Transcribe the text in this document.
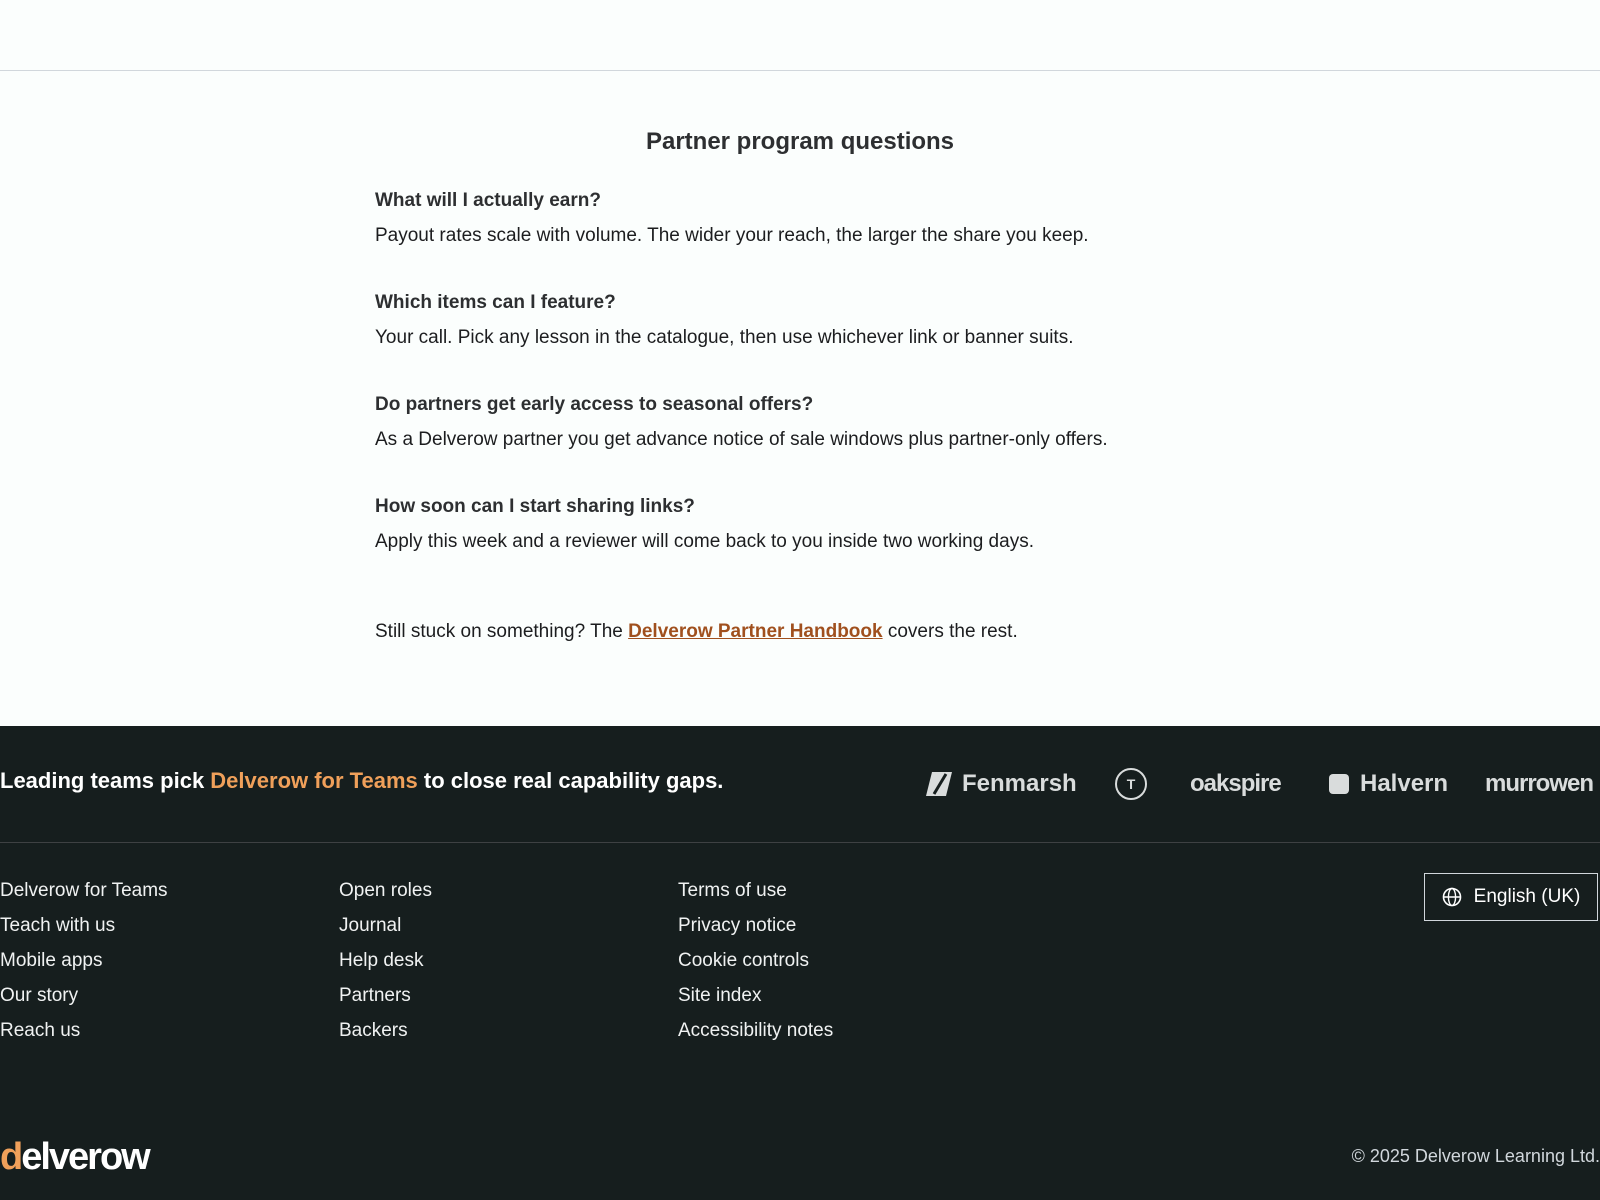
Partner program questions

What will I actually earn?

Payout rates scale with volume. The wider your reach, the larger the share you keep.

Which items can I feature?

Your call. Pick any lesson in the catalogue, then use whichever link or banner suits.

Do partners get early access to seasonal offers?

As a Delverow partner you get advance notice of sale windows plus partner-only offers.

How soon can I start sharing links?

Apply this week and a reviewer will come back to you inside two working days.

Still stuck on something? The Delverow Partner Handbook covers the rest.

Leading teams pick Delverow for Teams to close real capability gaps.	Fenmarsh	T oakspire	Halvern murrowen
Delverow for Teams
Teach with us
Mobile apps
Our story
Reach us
Open roles
Journal
Help desk
Partners
Backers
Terms of use
Privacy notice
Cookie controls
Site index
Accessibility notes
English (UK)

delverow	© 2025 Delverow Learning Ltd.
